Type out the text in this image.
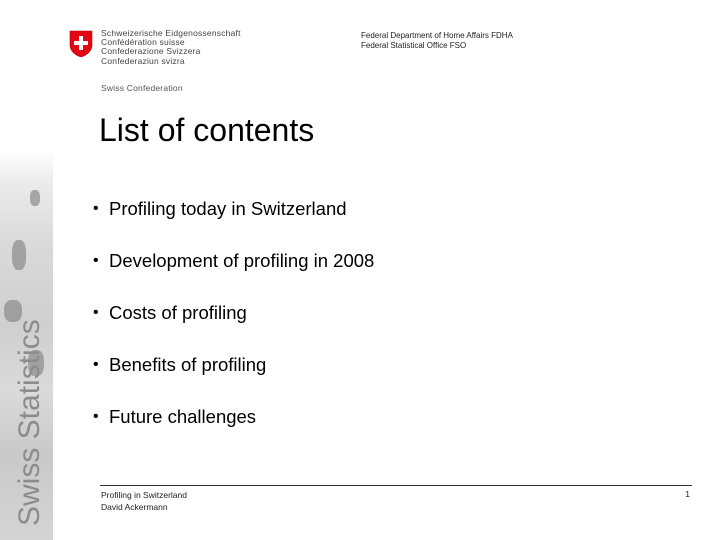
Swiss Statistics
Schweizerische Eidgenossenschaft
Confédération suisse
Confederazione Svizzera
Confederaziun svizra
Swiss Confederation
Federal Department of Home Affairs FDHA
Federal Statistical Office FSO
List of contents
• Profiling today in Switzerland
• Development of profiling in 2008
• Costs of profiling
• Benefits of profiling
• Future challenges
Profiling in Switzerland
David Ackermann
1
